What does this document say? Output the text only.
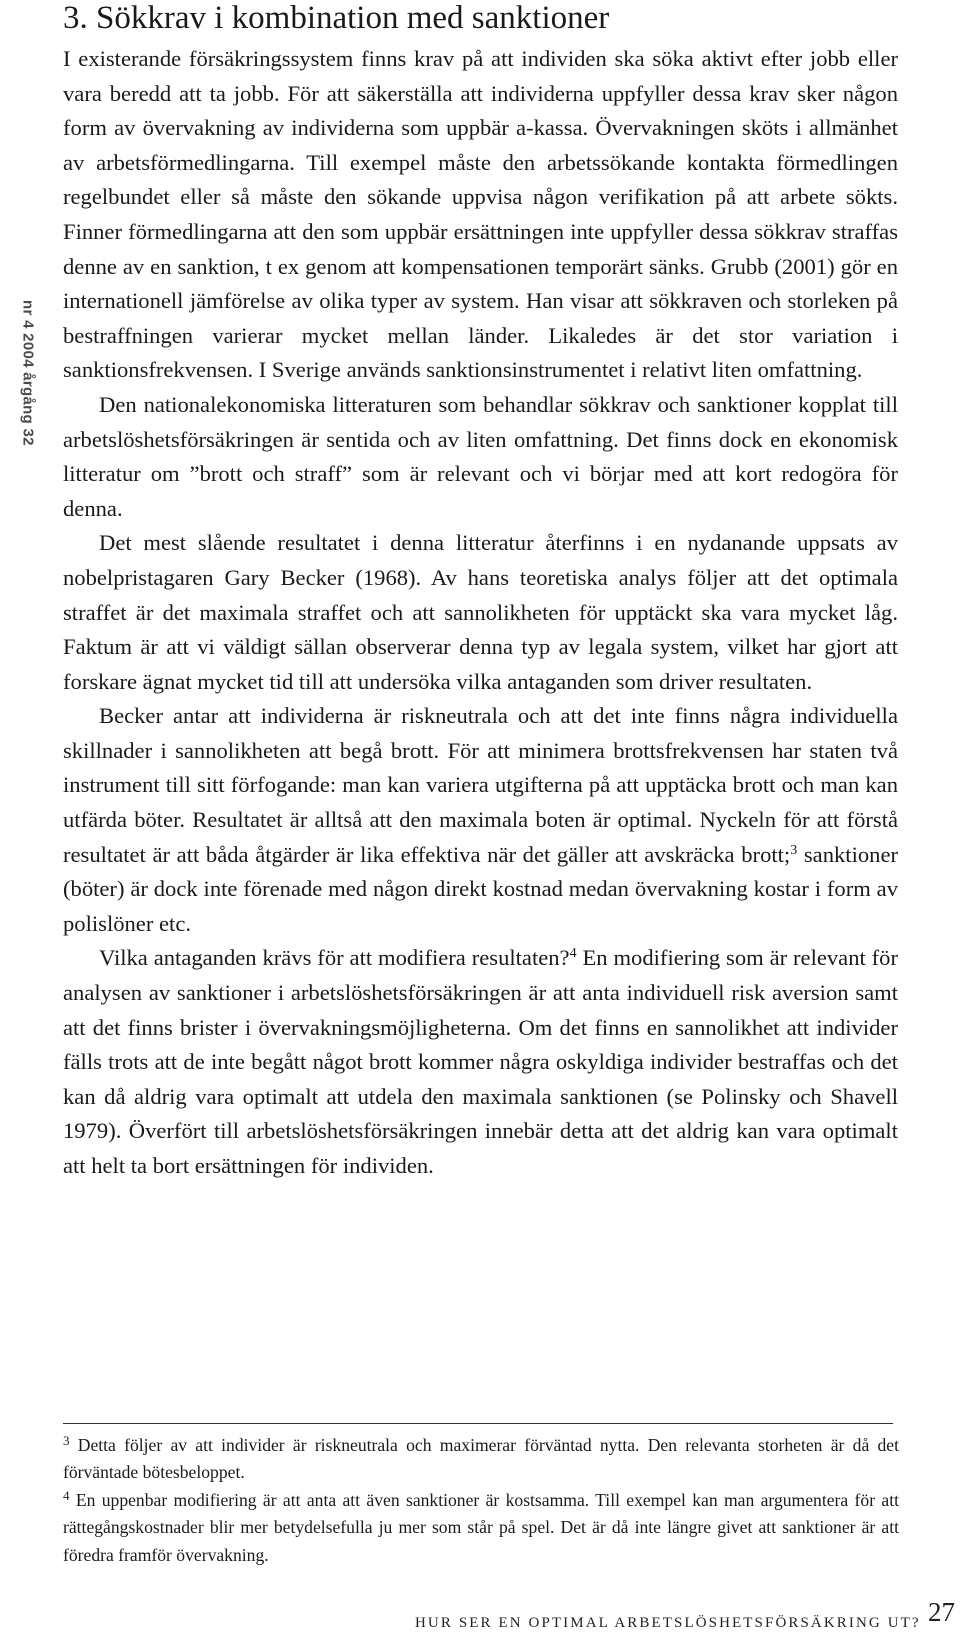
nr 4 2004 årgång 32
3. Sökkrav i kombination med sanktioner

I existerande försäkringssystem finns krav på att individen ska söka aktivt efter jobb eller vara beredd att ta jobb. För att säkerställa att individerna uppfyller dessa krav sker någon form av övervakning av individerna som uppbär a-kassa. Övervakningen sköts i allmänhet av arbetsförmedlingarna. Till exempel måste den arbetssökande kontakta förmedlingen regelbundet eller så måste den sökande uppvisa någon verifikation på att arbete sökts. Finner förmedlingarna att den som uppbär ersättningen inte uppfyller dessa sökkrav straffas denne av en sanktion, t ex genom att kompensationen temporärt sänks. Grubb (2001) gör en internationell jämförelse av olika typer av system. Han visar att sökkraven och storleken på bestraffningen varierar mycket mellan länder. Likaledes är det stor variation i sanktionsfrekvensen. I Sverige används sanktionsinstrumentet i relativt liten omfattning.

Den nationalekonomiska litteraturen som behandlar sökkrav och sanktioner kopplat till arbetslöshetsförsäkringen är sentida och av liten omfattning. Det finns dock en ekonomisk litteratur om ”brott och straff” som är relevant och vi börjar med att kort redogöra för denna.

Det mest slående resultatet i denna litteratur återfinns i en nydanande uppsats av nobelpristagaren Gary Becker (1968). Av hans teoretiska analys följer att det optimala straffet är det maximala straffet och att sannolikheten för upptäckt ska vara mycket låg. Faktum är att vi väldigt sällan observerar denna typ av legala system, vilket har gjort att forskare ägnat mycket tid till att undersöka vilka antaganden som driver resultaten.

Becker antar att individerna är riskneutrala och att det inte finns några individuella skillnader i sannolikheten att begå brott. För att minimera brottsfrekvensen har staten två instrument till sitt förfogande: man kan variera utgifterna på att upptäcka brott och man kan utfärda böter. Resultatet är alltså att den maximala boten är optimal. Nyckeln för att förstå resultatet är att båda åtgärder är lika effektiva när det gäller att avskräcka brott;$^3$ sanktioner (böter) är dock inte förenade med någon direkt kostnad medan övervakning kostar i form av polislöner etc.

Vilka antaganden krävs för att modifiera resultaten?$^4$ En modifiering som är relevant för analysen av sanktioner i arbetslöshetsförsäkringen är att anta individuell risk aversion samt att det finns brister i övervakningsmöjligheterna. Om det finns en sannolikhet att individer fälls trots att de inte begått något brott kommer några oskyldiga individer bestraffas och det kan då aldrig vara optimalt att utdela den maximala sanktionen (se Polinsky och Shavell 1979). Överfört till arbetslöshetsförsäkringen innebär detta att det aldrig kan vara optimalt att helt ta bort ersättningen för individen.

$^3$ Detta följer av att individer är riskneutrala och maximerar förväntad nytta. Den relevanta storheten är då det förväntade bötesbeloppet.

$^4$ En uppenbar modifiering är att anta att även sanktioner är kostsamma. Till exempel kan man argumentera för att rättegångskostnader blir mer betydelsefulla ju mer som står på spel. Det är då inte längre givet att sanktioner är att föredra framför övervakning.

HUR SER EN OPTIMAL ARBETSLÖSHETSFÖRSÄKRING UT? 27
